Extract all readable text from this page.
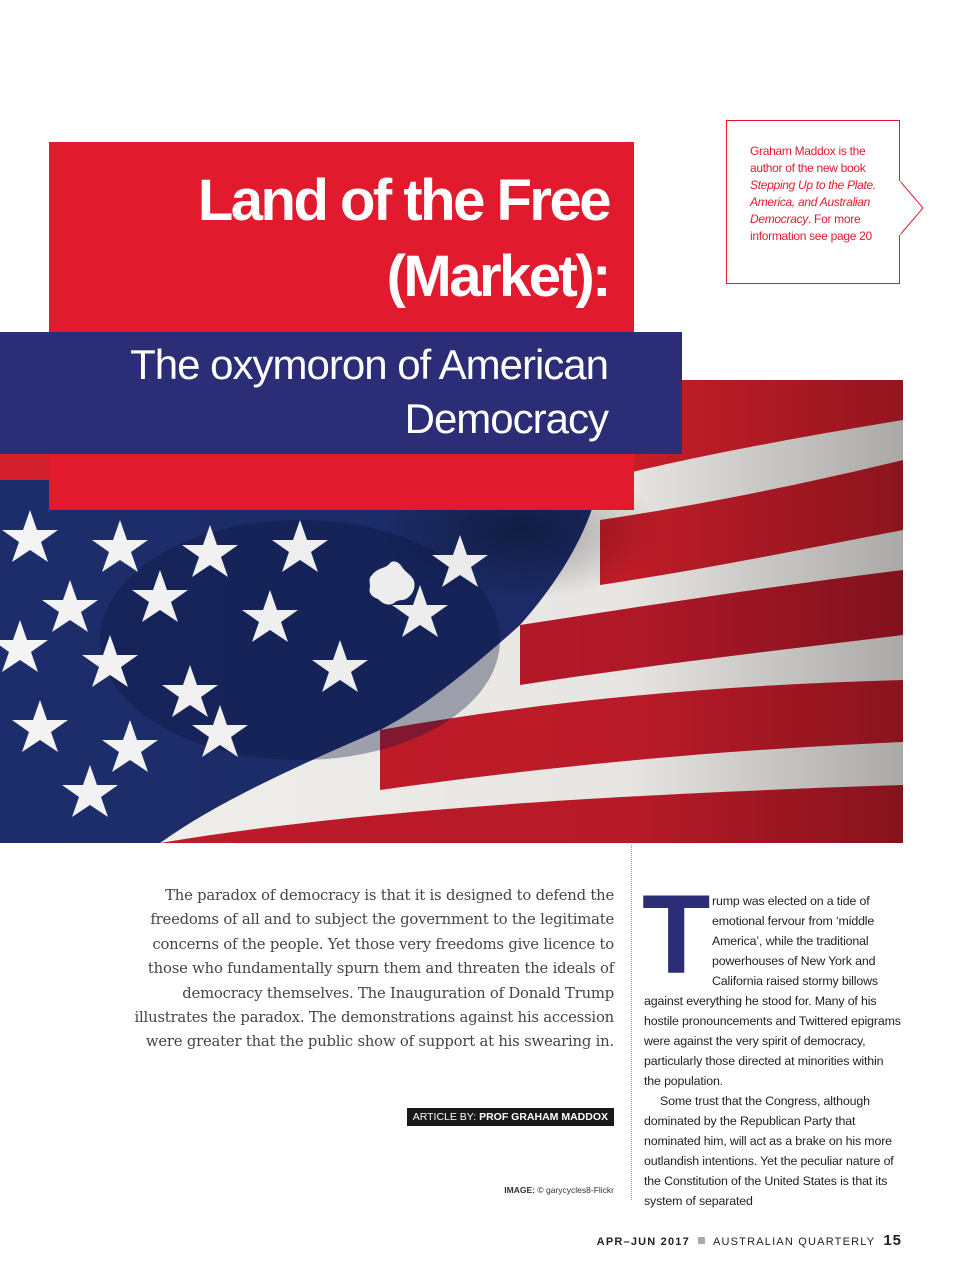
Land of the Free
(Market):
The oxymoron of American
Democracy
Graham Maddox is the
author of the new book
Stepping Up to the Plate.
America, and Australian
Democracy. For more
information see page 20

The paradox of democracy is that it is designed to defend the freedoms of all and to subject the government to the legitimate concerns of the people. Yet those very freedoms give licence to those who fundamentally spurn them and threaten the ideals of democracy themselves. The Inauguration of Donald Trump illustrates the paradox. The demonstrations against his accession were greater that the public show of support at his swearing in.

ARTICLE BY: PROF GRAHAM MADDOX
IMAGE: © garycycles8-Flickr

Trump was elected on a tide of emotional fervour from ‘middle America’, while the traditional powerhouses of New York and California raised stormy billows against everything he stood for. Many of his hostile pronouncements and Twittered epigrams were against the very spirit of democracy, particularly those directed at minorities within the population.

Some trust that the Congress, although dominated by the Republican Party that nominated him, will act as a brake on his more outlandish intentions. Yet the peculiar nature of the Constitution of the United States is that its system of separated

APR–JUN 2017 AUSTRALIAN QUARTERLY 15
